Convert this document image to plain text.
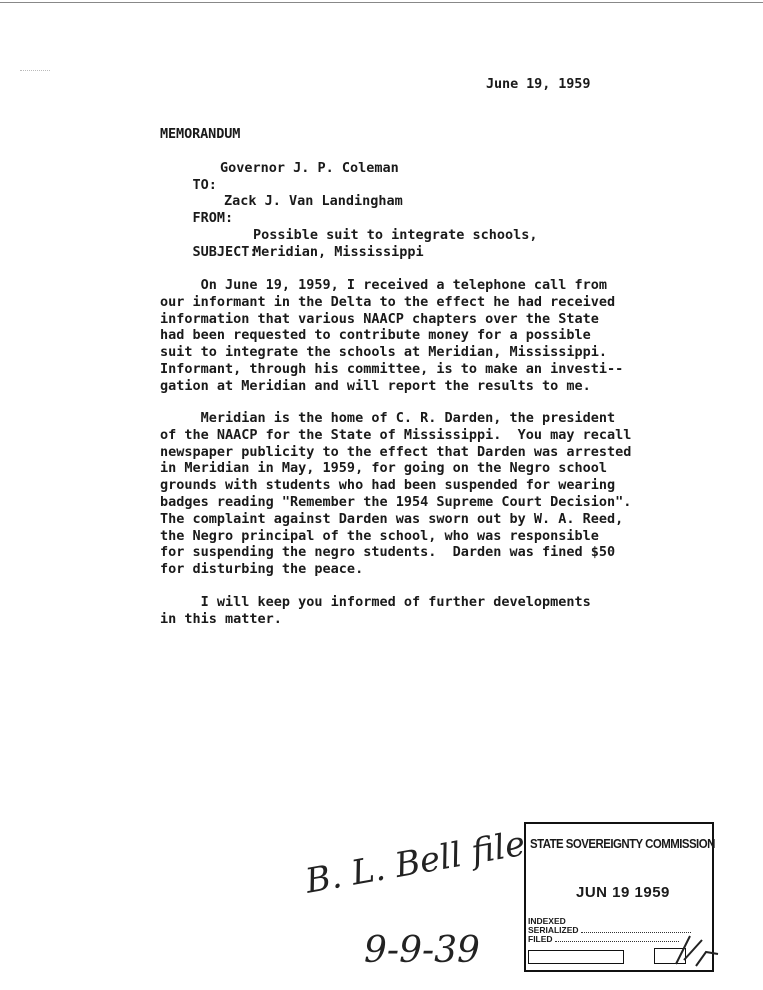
June 19, 1959
MEMORANDUM

TO:

Governor J. P. Coleman

FROM:

Zack J. Van Landingham

SUBJECT:

Possible suit to integrate schools,

Meridian, Mississippi

On June 19, 1959, I received a telephone call from
our informant in the Delta to the effect he had received
information that various NAACP chapters over the State
had been requested to contribute money for a possible
suit to integrate the schools at Meridian, Mississippi.
Informant, through his committee, is to make an investi--
gation at Meridian and will report the results to me.
Meridian is the home of C. R. Darden, the president
of the NAACP for the State of Mississippi.  You may recall
newspaper publicity to the effect that Darden was arrested
in Meridian in May, 1959, for going on the Negro school
grounds with students who had been suspended for wearing
badges reading "Remember the 1954 Supreme Court Decision".
The complaint against Darden was sworn out by W. A. Reed,
the Negro principal of the school, who was responsible
for suspending the negro students.  Darden was fined $50
for disturbing the peace.
I will keep you informed of further developments
in this matter.
B. L. Bell file
9-9-39
STATE SOVEREIGNTY COMMISSION
JUN 19 1959
INDEXED
SERIALIZED
FILED
